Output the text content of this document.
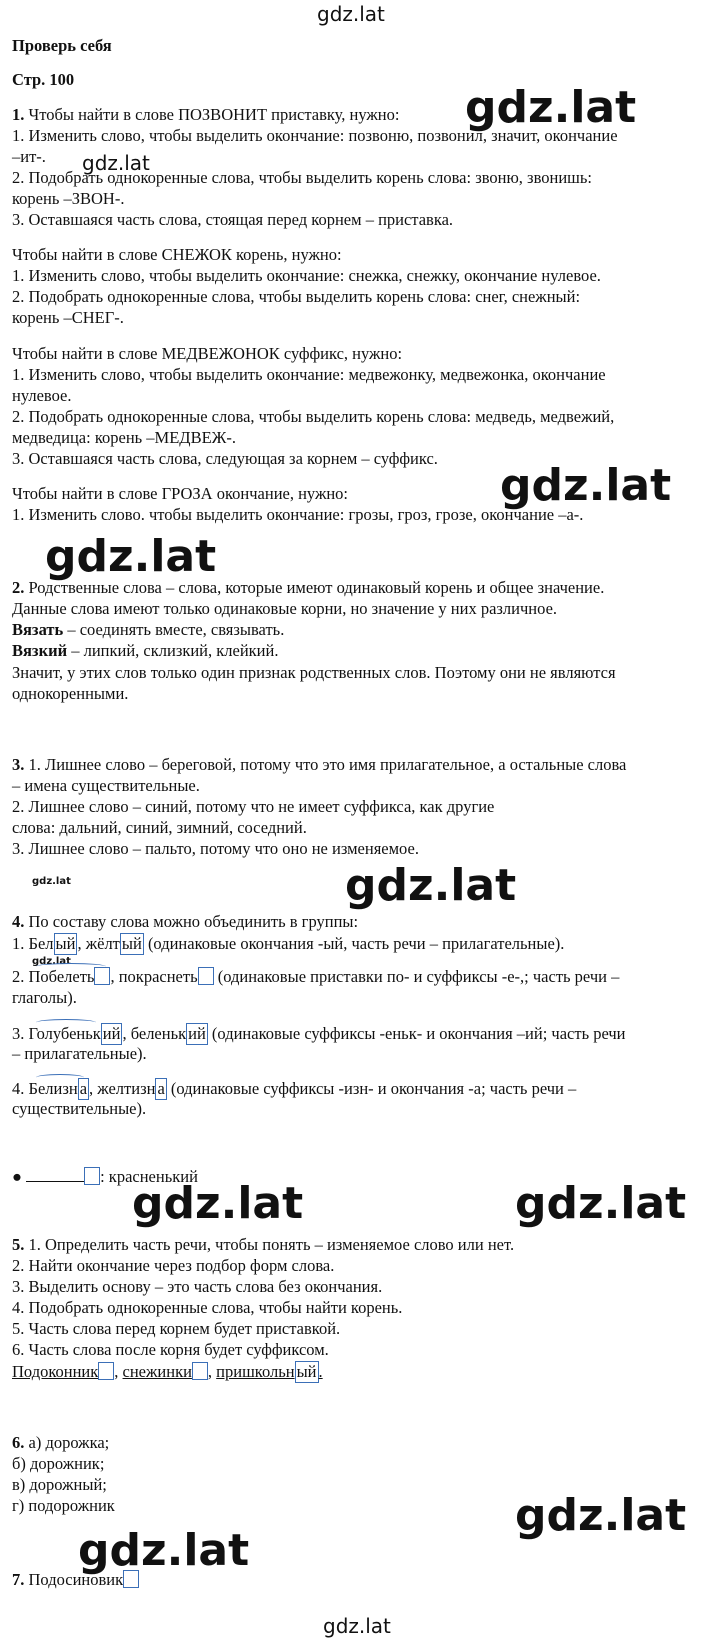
gdz.lat
gdz.lat
gdz.lat
gdz.lat
gdz.lat
gdz.lat	gdz.lat
gdz.lat
gdz.lat	gdz.lat
gdz.lat
gdz.lat
gdz.lat
Проверь себя
Стр. 100
1. Чтобы найти в слове ПОЗВОНИТ приставку, нужно:
1. Изменить слово, чтобы выделить окончание: позвоню, позвонил, значит, окончание
–ит-.
2. Подобрать однокоренные слова, чтобы выделить корень слова: звоню, звонишь:
корень –ЗВОН-.
3. Оставшаяся часть слова, стоящая перед корнем – приставка.
Чтобы найти в слове СНЕЖОК корень, нужно:
1. Изменить слово, чтобы выделить окончание: снежка, снежку, окончание нулевое.
2. Подобрать однокоренные слова, чтобы выделить корень слова: снег, снежный:
корень –СНЕГ-.
Чтобы найти в слове МЕДВЕЖОНОК суффикс, нужно:
1. Изменить слово, чтобы выделить окончание: медвежонку, медвежонка, окончание
нулевое.
2. Подобрать однокоренные слова, чтобы выделить корень слова: медведь, медвежий,
медведица: корень –МЕДВЕЖ-.
3. Оставшаяся часть слова, следующая за корнем – суффикс.
Чтобы найти в слове ГРОЗА окончание, нужно:
1. Изменить слово. чтобы выделить окончание: грозы, гроз, грозе, окончание –а-.
2. Родственные слова – слова, которые имеют одинаковый корень и общее значение.
Данные слова имеют только одинаковые корни, но значение у них различное.
Вязать – соединять вместе, связывать.
Вязкий – липкий, склизкий, клейкий.
Значит, у этих слов только один признак родственных слов. Поэтому они не являются
однокоренными.
3. 1. Лишнее слово – береговой, потому что это имя прилагательное, а остальные слова
– имена существительные.
2. Лишнее слово – синий, потому что не имеет суффикса, как другие
слова: дальний, синий, зимний, соседний.
3. Лишнее слово – пальто, потому что оно не изменяемое.
4. По составу слова можно объединить в группы:
1. Бел ый , жёлт ый (одинаковые окончания -ый, часть речи – прилагательные).
2. Побелеть , покраснеть (одинаковые приставки по- и суффиксы -е-,; часть речи –
глаголы).
3. Голубеньк ий , беленьк ий (одинаковые суффиксы -еньк- и окончания –ий; часть речи
– прилагательные).
4. Белизн а , желтизн а (одинаковые суффиксы -изн- и окончания -а; часть речи –
существительные).
●	: красненький
5. 1. Определить часть речи, чтобы понять – изменяемое слово или нет.
2. Найти окончание через подбор форм слова.
3. Выделить основу – это часть слова без окончания.
4. Подобрать однокоренные слова, чтобы найти корень.
5. Часть слова перед корнем будет приставкой.
6. Часть слова после корня будет суффиксом.
Подоконник , снежинки , пришкольн ый .
6. а) дорожка;
б) дорожник;
в) дорожный;
г) подорожник
7. Подосиновик
